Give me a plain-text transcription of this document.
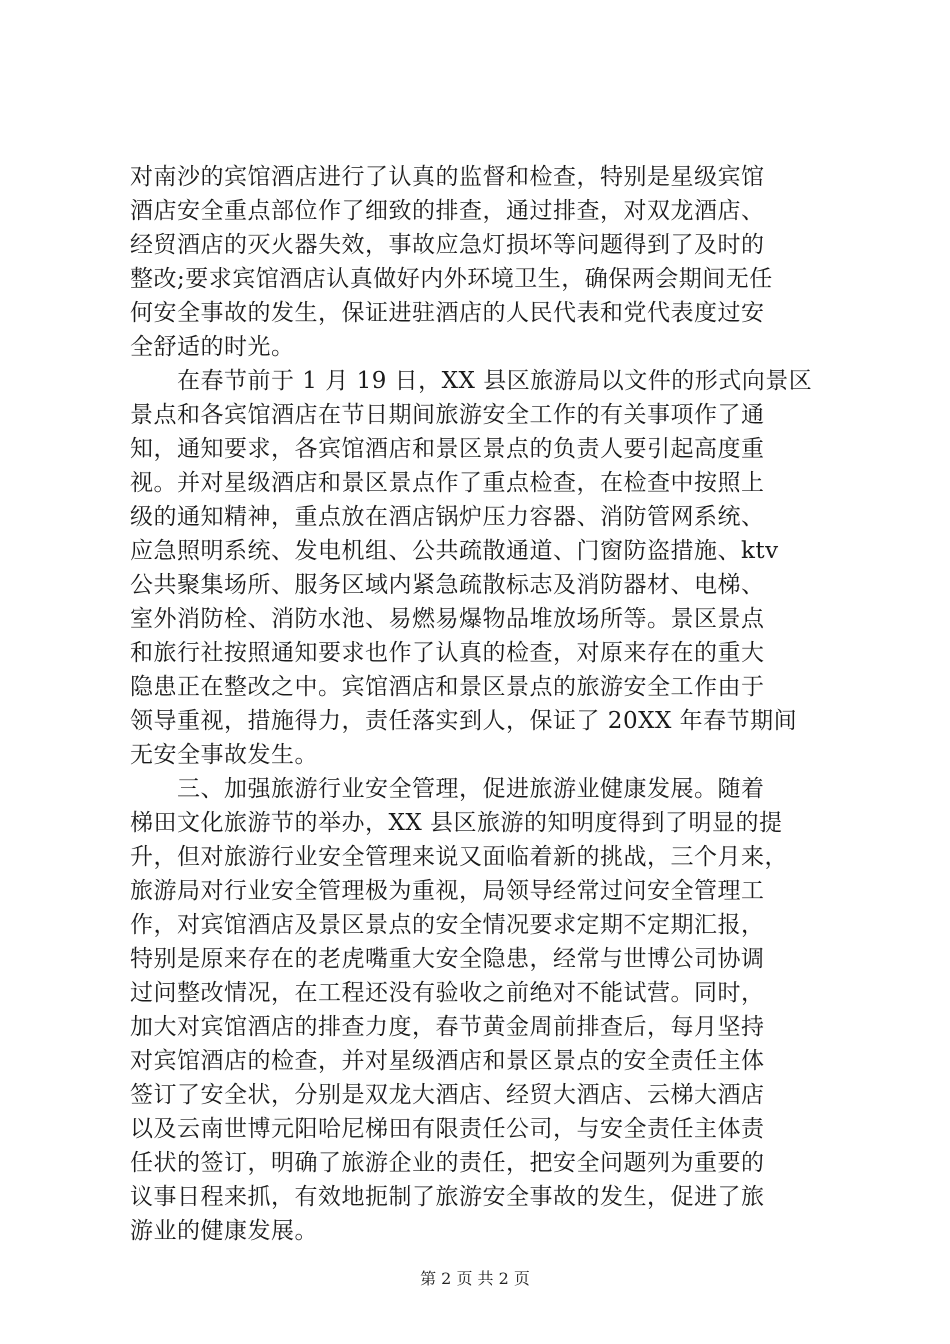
对南沙的宾馆酒店进行了认真的监督和检查，特别是星级宾馆
酒店安全重点部位作了细致的排查，通过排查，对双龙酒店、
经贸酒店的灭火器失效，事故应急灯损坏等问题得到了及时的
整改;要求宾馆酒店认真做好内外环境卫生，确保两会期间无任
何安全事故的发生，保证进驻酒店的人民代表和党代表度过安
全舒适的时光。
　　在春节前于 1 月 19 日，XX 县区旅游局以文件的形式向景区
景点和各宾馆酒店在节日期间旅游安全工作的有关事项作了通
知，通知要求，各宾馆酒店和景区景点的负责人要引起高度重
视。并对星级酒店和景区景点作了重点检查，在检查中按照上
级的通知精神，重点放在酒店锅炉压力容器、消防管网系统、
应急照明系统、发电机组、公共疏散通道、门窗防盗措施、ktv
公共聚集场所、服务区域内紧急疏散标志及消防器材、电梯、
室外消防栓、消防水池、易燃易爆物品堆放场所等。景区景点
和旅行社按照通知要求也作了认真的检查，对原来存在的重大
隐患正在整改之中。宾馆酒店和景区景点的旅游安全工作由于
领导重视，措施得力，责任落实到人，保证了 20XX 年春节期间
无安全事故发生。
　　三、加强旅游行业安全管理，促进旅游业健康发展。随着
梯田文化旅游节的举办，XX 县区旅游的知明度得到了明显的提
升，但对旅游行业安全管理来说又面临着新的挑战，三个月来，
旅游局对行业安全管理极为重视，局领导经常过问安全管理工
作，对宾馆酒店及景区景点的安全情况要求定期不定期汇报，
特别是原来存在的老虎嘴重大安全隐患，经常与世博公司协调
过问整改情况，在工程还没有验收之前绝对不能试营。同时，
加大对宾馆酒店的排查力度，春节黄金周前排查后，每月坚持
对宾馆酒店的检查，并对星级酒店和景区景点的安全责任主体
签订了安全状，分别是双龙大酒店、经贸大酒店、云梯大酒店
以及云南世博元阳哈尼梯田有限责任公司，与安全责任主体责
任状的签订，明确了旅游企业的责任，把安全问题列为重要的
议事日程来抓，有效地扼制了旅游安全事故的发生，促进了旅
游业的健康发展。
第 2 页 共 2 页
